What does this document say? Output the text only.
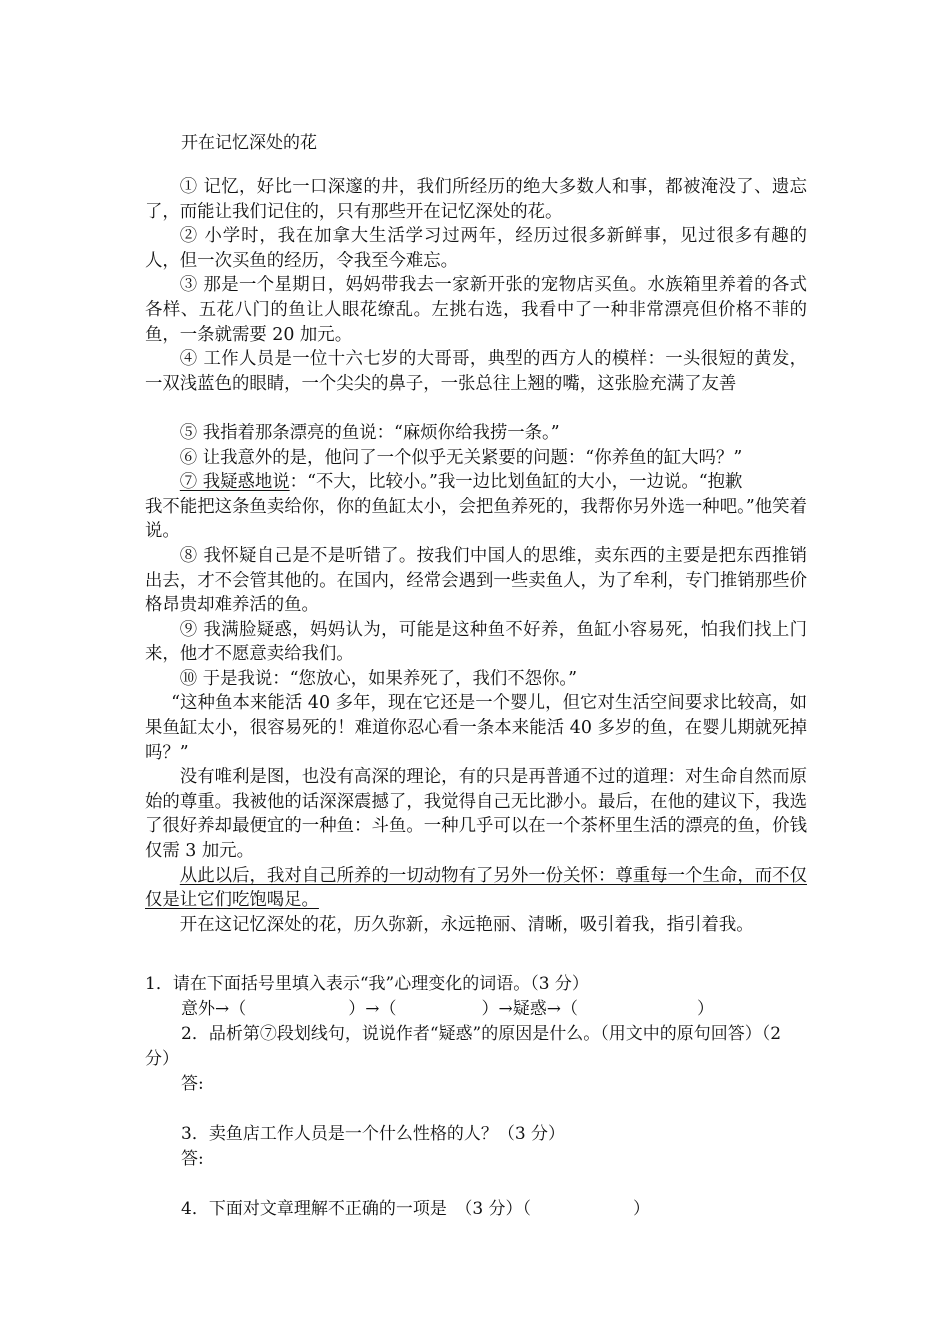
开在记忆深处的花

① 记忆，好比一口深邃的井，我们所经历的绝大多数人和事，都被淹没了、遗忘了，而能让我们记住的，只有那些开在记忆深处的花。

② 小学时，我在加拿大生活学习过两年，经历过很多新鲜事，见过很多有趣的人，但一次买鱼的经历，令我至今难忘。

③ 那是一个星期日，妈妈带我去一家新开张的宠物店买鱼。水族箱里养着的各式各样、五花八门的鱼让人眼花缭乱。左挑右选，我看中了一种非常漂亮但价格不菲的鱼，一条就需要 20 加元。

④ 工作人员是一位十六七岁的大哥哥，典型的西方人的模样：一头很短的黄发，一双浅蓝色的眼睛，一个尖尖的鼻子，一张总往上翘的嘴，这张脸充满了友善

⑤ 我指着那条漂亮的鱼说：“麻烦你给我捞一条。”

⑥ 让我意外的是，他问了一个似乎无关紧要的问题：“你养鱼的缸大吗？”

⑦ 我疑惑地说：“不大，比较小。”我一边比划鱼缸的大小，一边说。“抱歉

我不能把这条鱼卖给你，你的鱼缸太小，会把鱼养死的，我帮你另外选一种吧。”他笑着说。

⑧ 我怀疑自己是不是听错了。按我们中国人的思维，卖东西的主要是把东西推销出去，才不会管其他的。在国内，经常会遇到一些卖鱼人，为了牟利，专门推销那些价格昂贵却难养活的鱼。

⑨ 我满脸疑惑，妈妈认为，可能是这种鱼不好养，鱼缸小容易死，怕我们找上门来，他才不愿意卖给我们。

⑩ 于是我说：“您放心，如果养死了，我们不怨你。”

“这种鱼本来能活 40 多年，现在它还是一个婴儿，但它对生活空间要求比较高，如果鱼缸太小，很容易死的！难道你忍心看一条本来能活 40 多岁的鱼，在婴儿期就死掉吗？”

没有唯利是图，也没有高深的理论，有的只是再普通不过的道理：对生命自然而原始的尊重。我被他的话深深震撼了，我觉得自己无比渺小。最后，在他的建议下，我选了很好养却最便宜的一种鱼：斗鱼。一种几乎可以在一个茶杯里生活的漂亮的鱼，价钱仅需 3 加元。

从此以后，我对自己所养的一切动物有了另外一份关怀：尊重每一个生命，而不仅仅是让它们吃饱喝足。

开在这记忆深处的花，历久弥新，永远艳丽、清晰，吸引着我，指引着我。

1．请在下面括号里填入表示“我”心理变化的词语。（3 分）

意外→（　　　　　　）→（　　　　　）→疑惑→（　　　　　　　）

2．品析第⑦段划线句，说说作者“疑惑”的原因是什么。（用文中的原句回答）（2 分）

答:

3．卖鱼店工作人员是一个什么性格的人？（3 分）

答:

4．下面对文章理解不正确的一项是　（3 分）（　　　　　　）
